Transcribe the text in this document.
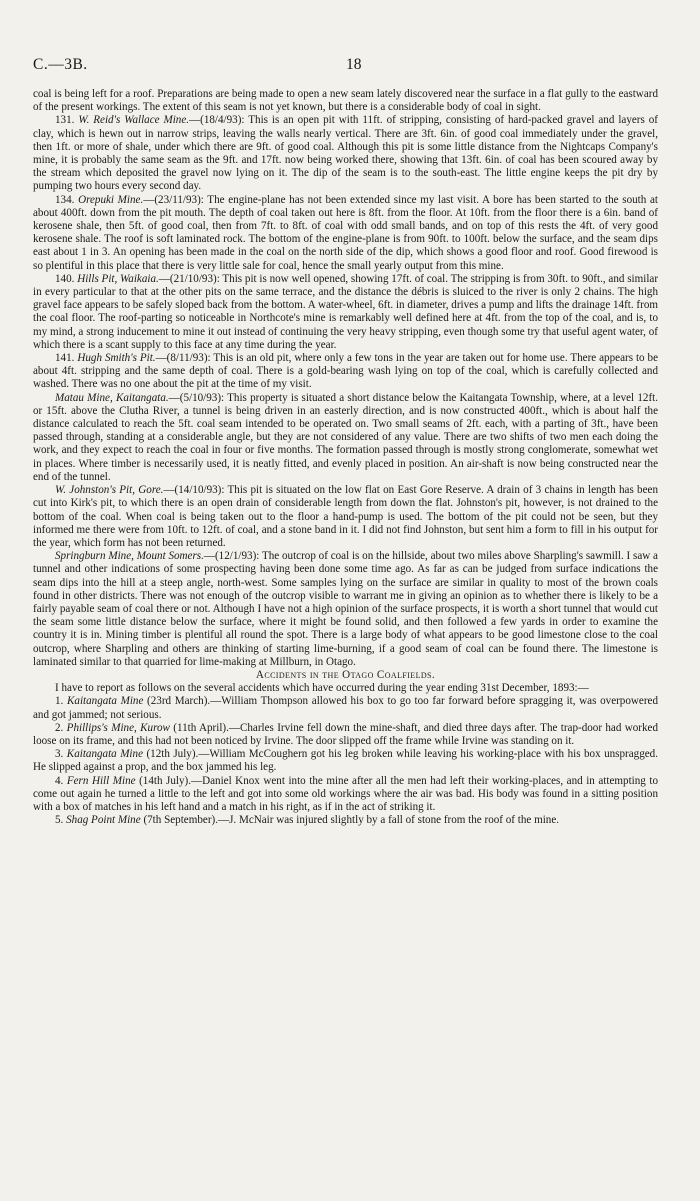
C.—3B.	18

coal is being left for a roof. Preparations are being made to open a new seam lately discovered near the surface in a flat gully to the eastward of the present workings. The extent of this seam is not yet known, but there is a considerable body of coal in sight.

131. W. Reid's Wallace Mine.—(18/4/93): This is an open pit with 11ft. of stripping, consisting of hard-packed gravel and layers of clay, which is hewn out in narrow strips, leaving the walls nearly vertical. There are 3ft. 6in. of good coal immediately under the gravel, then 1ft. or more of shale, under which there are 9ft. of good coal. Although this pit is some little distance from the Nightcaps Company's mine, it is probably the same seam as the 9ft. and 17ft. now being worked there, showing that 13ft. 6in. of coal has been scoured away by the stream which deposited the gravel now lying on it. The dip of the seam is to the south-east. The little engine keeps the pit dry by pumping two hours every second day.

134. Orepuki Mine.—(23/11/93): The engine-plane has not been extended since my last visit. A bore has been started to the south at about 400ft. down from the pit mouth. The depth of coal taken out here is 8ft. from the floor. At 10ft. from the floor there is a 6in. band of kerosene shale, then 5ft. of good coal, then from 7ft. to 8ft. of coal with odd small bands, and on top of this rests the 4ft. of very good kerosene shale. The roof is soft laminated rock. The bottom of the engine-plane is from 90ft. to 100ft. below the surface, and the seam dips east about 1 in 3. An opening has been made in the coal on the north side of the dip, which shows a good floor and roof. Good firewood is so plentiful in this place that there is very little sale for coal, hence the small yearly output from this mine.

140. Hills Pit, Waikaia.—(21/10/93): This pit is now well opened, showing 17ft. of coal. The stripping is from 30ft. to 90ft., and similar in every particular to that at the other pits on the same terrace, and the distance the débris is sluiced to the river is only 2 chains. The high gravel face appears to be safely sloped back from the bottom. A water-wheel, 6ft. in diameter, drives a pump and lifts the drainage 14ft. from the coal floor. The roof-parting so noticeable in Northcote's mine is remarkably well defined here at 4ft. from the top of the coal, and is, to my mind, a strong inducement to mine it out instead of continuing the very heavy stripping, even though some try that useful agent water, of which there is a scant supply to this face at any time during the year.

141. Hugh Smith's Pit.—(8/11/93): This is an old pit, where only a few tons in the year are taken out for home use. There appears to be about 4ft. stripping and the same depth of coal. There is a gold-bearing wash lying on top of the coal, which is carefully collected and washed. There was no one about the pit at the time of my visit.

Matau Mine, Kaitangata.—(5/10/93): This property is situated a short distance below the Kaitangata Township, where, at a level 12ft. or 15ft. above the Clutha River, a tunnel is being driven in an easterly direction, and is now constructed 400ft., which is about half the distance calculated to reach the 5ft. coal seam intended to be operated on. Two small seams of 2ft. each, with a parting of 3ft., have been passed through, standing at a considerable angle, but they are not considered of any value. There are two shifts of two men each doing the work, and they expect to reach the coal in four or five months. The formation passed through is mostly strong conglomerate, somewhat wet in places. Where timber is necessarily used, it is neatly fitted, and evenly placed in position. An air-shaft is now being constructed near the end of the tunnel.

W. Johnston's Pit, Gore.—(14/10/93): This pit is situated on the low flat on East Gore Reserve. A drain of 3 chains in length has been cut into Kirk's pit, to which there is an open drain of considerable length from down the flat. Johnston's pit, however, is not drained to the bottom of the coal. When coal is being taken out to the floor a hand-pump is used. The bottom of the pit could not be seen, but they informed me there were from 10ft. to 12ft. of coal, and a stone band in it. I did not find Johnston, but sent him a form to fill in his output for the year, which form has not been returned.

Springburn Mine, Mount Somers.—(12/1/93): The outcrop of coal is on the hillside, about two miles above Sharpling's sawmill. I saw a tunnel and other indications of some prospecting having been done some time ago. As far as can be judged from surface indications the seam dips into the hill at a steep angle, north-west. Some samples lying on the surface are similar in quality to most of the brown coals found in other districts. There was not enough of the outcrop visible to warrant me in giving an opinion as to whether there is likely to be a fairly payable seam of coal there or not. Although I have not a high opinion of the surface prospects, it is worth a short tunnel that would cut the seam some little distance below the surface, where it might be found solid, and then followed a few yards in order to examine the country it is in. Mining timber is plentiful all round the spot. There is a large body of what appears to be good limestone close to the coal outcrop, where Sharpling and others are thinking of starting lime-burning, if a good seam of coal can be found there. The limestone is laminated similar to that quarried for lime-making at Millburn, in Otago.

Accidents in the Otago Coalfields.

I have to report as follows on the several accidents which have occurred during the year ending 31st December, 1893:—

1. Kaitangata Mine (23rd March).—William Thompson allowed his box to go too far forward before spragging it, was overpowered and got jammed; not serious.

2. Phillips's Mine, Kurow (11th April).—Charles Irvine fell down the mine-shaft, and died three days after. The trap-door had worked loose on its frame, and this had not been noticed by Irvine. The door slipped off the frame while Irvine was standing on it.

3. Kaitangata Mine (12th July).—William McCoughern got his leg broken while leaving his working-place with his box unspragged. He slipped against a prop, and the box jammed his leg.

4. Fern Hill Mine (14th July).—Daniel Knox went into the mine after all the men had left their working-places, and in attempting to come out again he turned a little to the left and got into some old workings where the air was bad. His body was found in a sitting position with a box of matches in his left hand and a match in his right, as if in the act of striking it.

5. Shag Point Mine (7th September).—J. McNair was injured slightly by a fall of stone from the roof of the mine.
